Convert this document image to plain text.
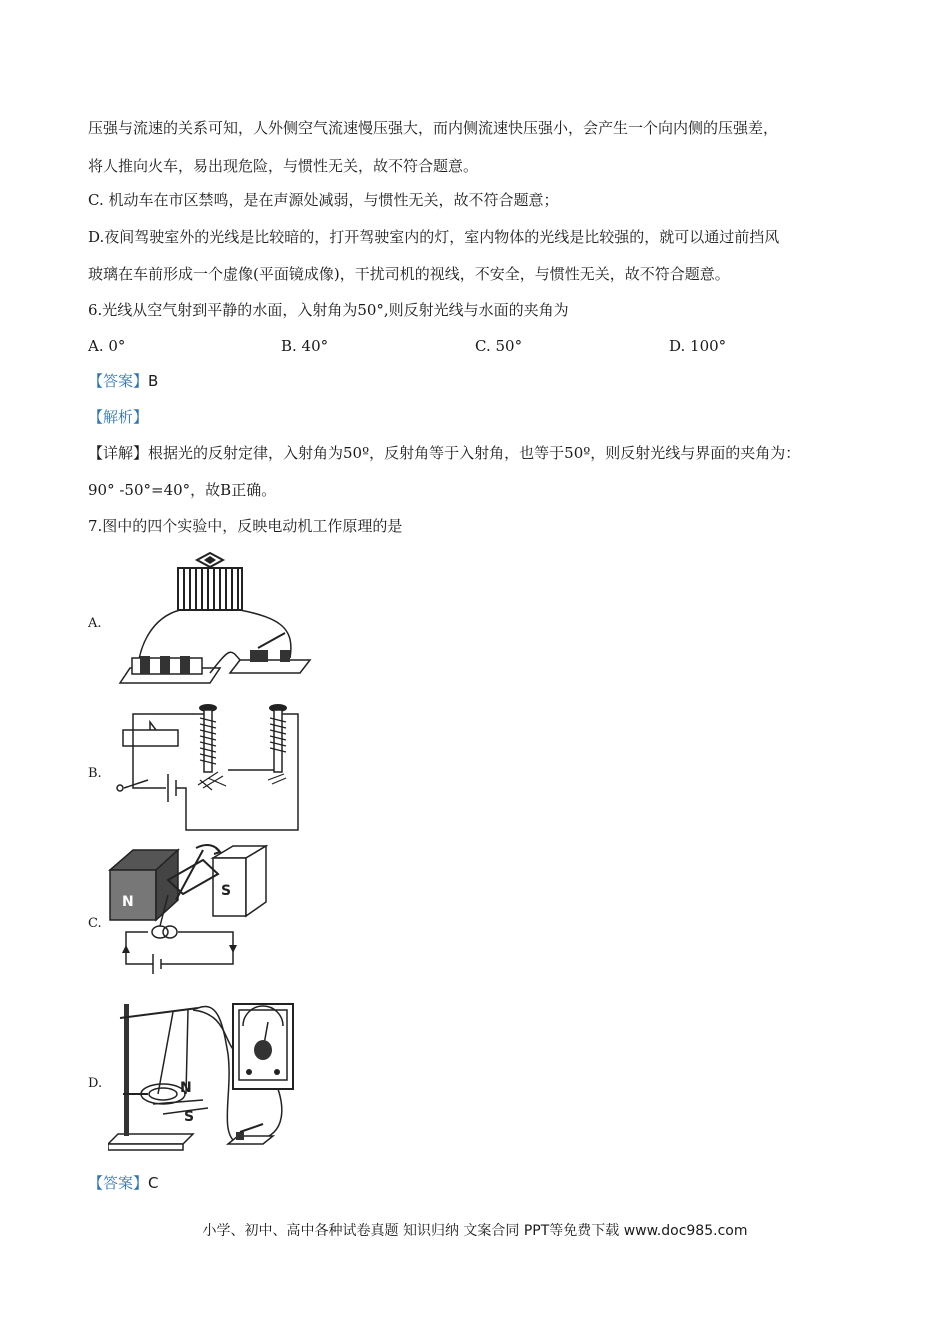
压强与流速的关系可知，人外侧空气流速慢压强大，而内侧流速快压强小，会产生一个向内侧的压强差，
将人推向火车，易出现危险，与惯性无关，故不符合题意。
C. 机动车在市区禁鸣，是在声源处减弱，与惯性无关，故不符合题意；
D.夜间驾驶室外的光线是比较暗的，打开驾驶室内的灯，室内物体的光线是比较强的，就可以通过前挡风
玻璃在车前形成一个虚像(平面镜成像)，干扰司机的视线，不安全，与惯性无关，故不符合题意。
6.光线从空气射到平静的水面，入射角为50°,则反射光线与水面的夹角为
A. 0°	B. 40°	C. 50°	D. 100°
【答案】B
【解析】
【详解】根据光的反射定律，入射角为50º，反射角等于入射角，也等于50º，则反射光线与界面的夹角为：
90° -50°=40°，故B正确。
7.图中的四个实验中，反映电动机工作原理的是
A.
B.
C.
N
S
D.	N
S
【答案】C
小学、初中、高中各种试卷真题 知识归纳 文案合同 PPT等免费下载 www.doc985.com
